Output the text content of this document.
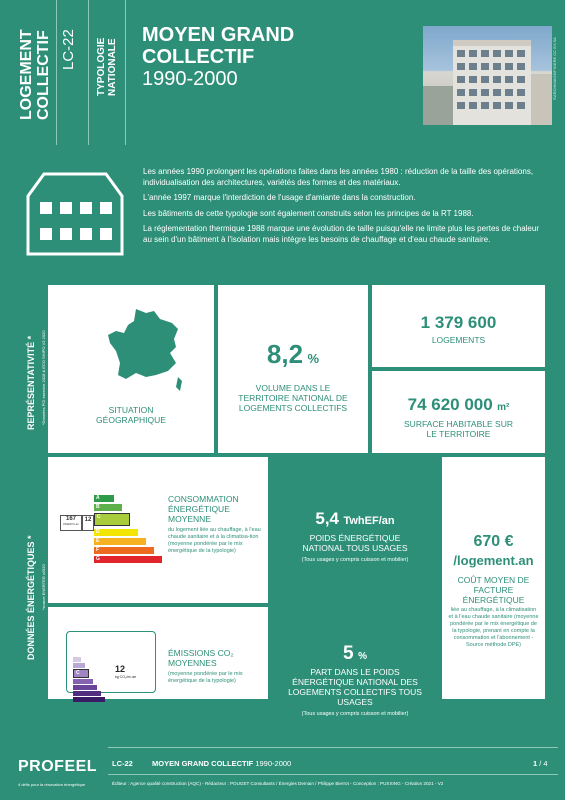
LOGEMENT COLLECTIF LC-22 TYPOLOGIE NATIONALE
MOYEN GRAND
COLLECTIF
1990-2000	©ARCHIMAGE/FIGERE CC BY-SA

Les années 1990 prolongent les opérations faites dans les années 1980 : réduction de la taille des opérations, individualisation des architectures, variétés des formes et des matériaux.

L'année 1997 marque l'interdiction de l'usage d'amiante dans la construction.

Les bâtiments de cette typologie sont également construits selon les principes de la RT 1988.

La réglementation thermique 1988 marque une évolution de taille puisqu'elle ne limite plus les pertes de chaleur au sein d'un bâtiment à l'isolation mais intègre les besoins de chauffage et d'eau chaude sanitaire.

REPRÉSENTATIVITÉ * *Données PCI exercice 2018 & ECO SHIPO V3 2020	SITUATION GÉOGRAPHIQUE
8,2 %
VOLUME DANS LE TERRITOIRE NATIONAL DE LOGEMENTS COLLECTIFS
1 379 600
LOGEMENTS
74 620 000 m²
SURFACE HABITABLE SUR LE TERRITOIRE
DONNÉES ÉNERGÉTIQUES * *source ENERTER v2020
167
kWhEP/m².an
12
A
B
C
D
E
F
G
CONSOMMATION ÉNERGÉTIQUE MOYENNE
du logement liée au chauffage, à l'eau chaude sanitaire et à la climatisa-tion (moyenne pondérée par le mix énergétique de la typologie)
5,4 TwhEF/an
POIDS ÉNERGÉTIQUE NATIONAL TOUS USAGES
(Tous usages y compris cuisson et mobilier)
670 €
/logement.an
COÛT MOYEN DE FACTURE ÉNERGÉTIQUE
liée au chauffage, à la climatisation et à l'eau chaude sanitaire (moyenne pondérée par le mix énergétique de la typologie, prenant en compte la consommation et l'abonnement - Source méthode DPE)
C	12
kg CO₂/m².an
ÉMISSIONS CO₂ MOYENNES
(moyenne pondérée par le mix énergétique de la typologie)
5 %
PART DANS LE POIDS ÉNERGÉTIQUE NATIONAL DES LOGEMENTS COLLECTIFS TOUS USAGES
(Tous usages y compris cuisson et mobilier)
PROFEEL
4 défis pour la rénovation énergétique
LC-22	MOYEN GRAND COLLECTIF 1990-2000	1 / 4
Éditeur : Agence qualité construction (AQC) - Rédacteur : POUGET Consultants / Énergies Demain / Philippe Bierrot - Conception : PUXXING - Création 2021 - V2
